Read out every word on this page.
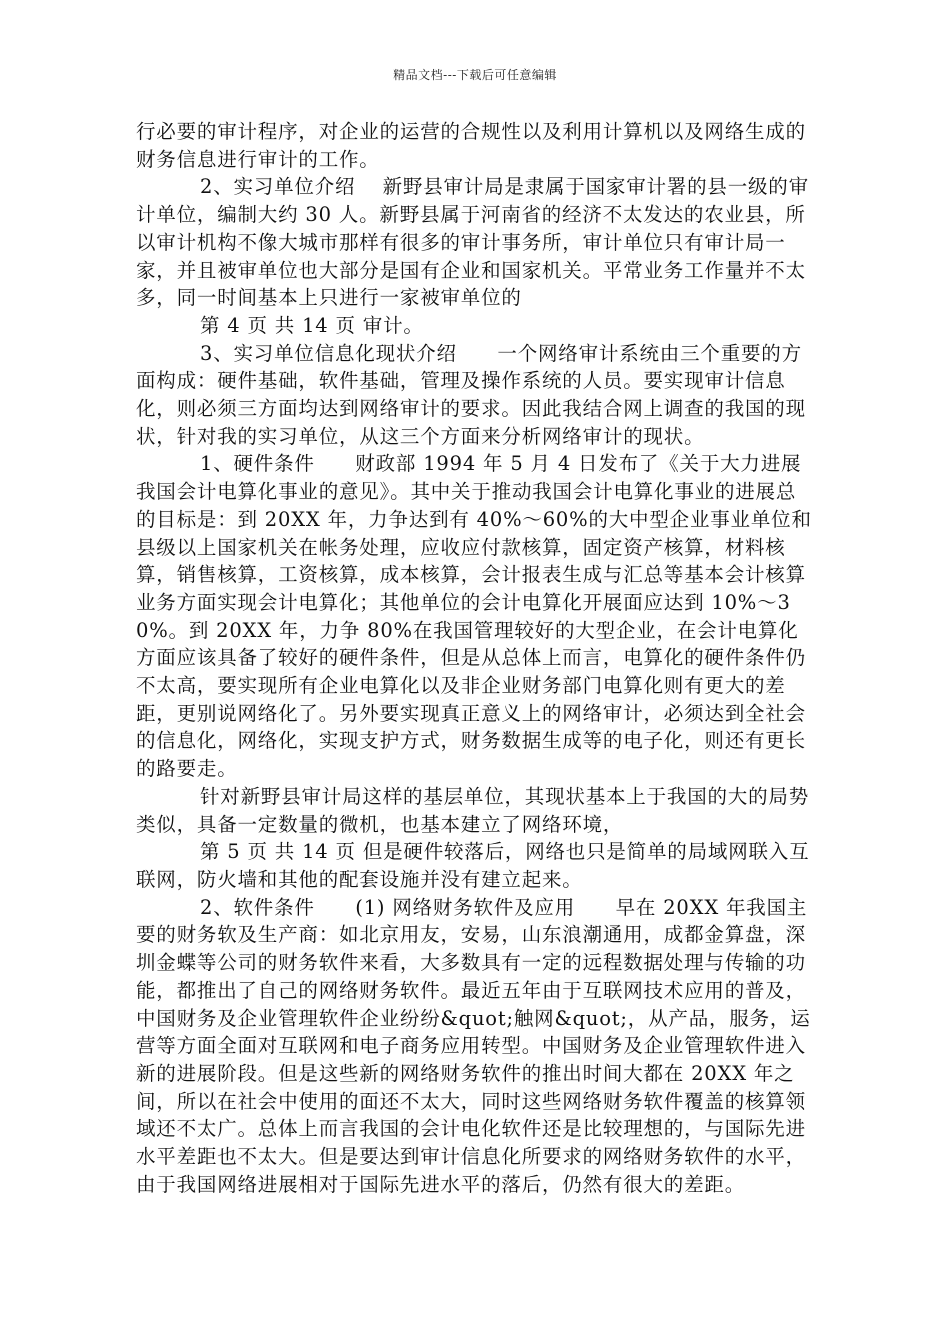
精品文档---下载后可任意编辑

行必要的审计程序，对企业的运营的合规性以及利用计算机以及网络生成的财务信息进行审计的工作。

2、实习单位介绍　 新野县审计局是隶属于国家审计署的县一级的审计单位，编制大约 30 人。新野县属于河南省的经济不太发达的农业县，所以审计机构不像大城市那样有很多的审计事务所，审计单位只有审计局一家，并且被审单位也大部分是国有企业和国家机关。平常业务工作量并不太多，同一时间基本上只进行一家被审单位的

第 4 页 共 14 页 审计。

3、实习单位信息化现状介绍　　一个网络审计系统由三个重要的方面构成：硬件基础，软件基础，管理及操作系统的人员。要实现审计信息化，则必须三方面均达到网络审计的要求。因此我结合网上调查的我国的现状，针对我的实习单位，从这三个方面来分析网络审计的现状。

1、硬件条件　　财政部 1994 年 5 月 4 日发布了《关于大力进展我国会计电算化事业的意见》。其中关于推动我国会计电算化事业的进展总的目标是：到 20XX 年，力争达到有 40%～60%的大中型企业事业单位和县级以上国家机关在帐务处理，应收应付款核算，固定资产核算，材料核算，销售核算，工资核算，成本核算，会计报表生成与汇总等基本会计核算业务方面实现会计电算化；其他单位的会计电算化开展面应达到 10%～30%。到 20XX 年，力争 80%在我国管理较好的大型企业，在会计电算化方面应该具备了较好的硬件条件，但是从总体上而言，电算化的硬件条件仍不太高，要实现所有企业电算化以及非企业财务部门电算化则有更大的差距，更别说网络化了。另外要实现真正意义上的网络审计，必须达到全社会的信息化，网络化，实现支护方式，财务数据生成等的电子化，则还有更长的路要走。

针对新野县审计局这样的基层单位，其现状基本上于我国的大的局势类似，具备一定数量的微机，也基本建立了网络环境，

第 5 页 共 14 页 但是硬件较落后，网络也只是简单的局域网联入互联网，防火墙和其他的配套设施并没有建立起来。

2、软件条件　　(1) 网络财务软件及应用　　早在 20XX 年我国主要的财务软及生产商：如北京用友，安易，山东浪潮通用，成都金算盘，深圳金蝶等公司的财务软件来看，大多数具有一定的远程数据处理与传输的功能，都推出了自己的网络财务软件。最近五年由于互联网技术应用的普及，中国财务及企业管理软件企业纷纷&quot;触网&quot;，从产品，服务，运营等方面全面对互联网和电子商务应用转型。中国财务及企业管理软件进入新的进展阶段。但是这些新的网络财务软件的推出时间大都在 20XX 年之间，所以在社会中使用的面还不太大，同时这些网络财务软件覆盖的核算领域还不太广。总体上而言我国的会计电化软件还是比较理想的，与国际先进水平差距也不太大。但是要达到审计信息化所要求的网络财务软件的水平，由于我国网络进展相对于国际先进水平的落后，仍然有很大的差距。
